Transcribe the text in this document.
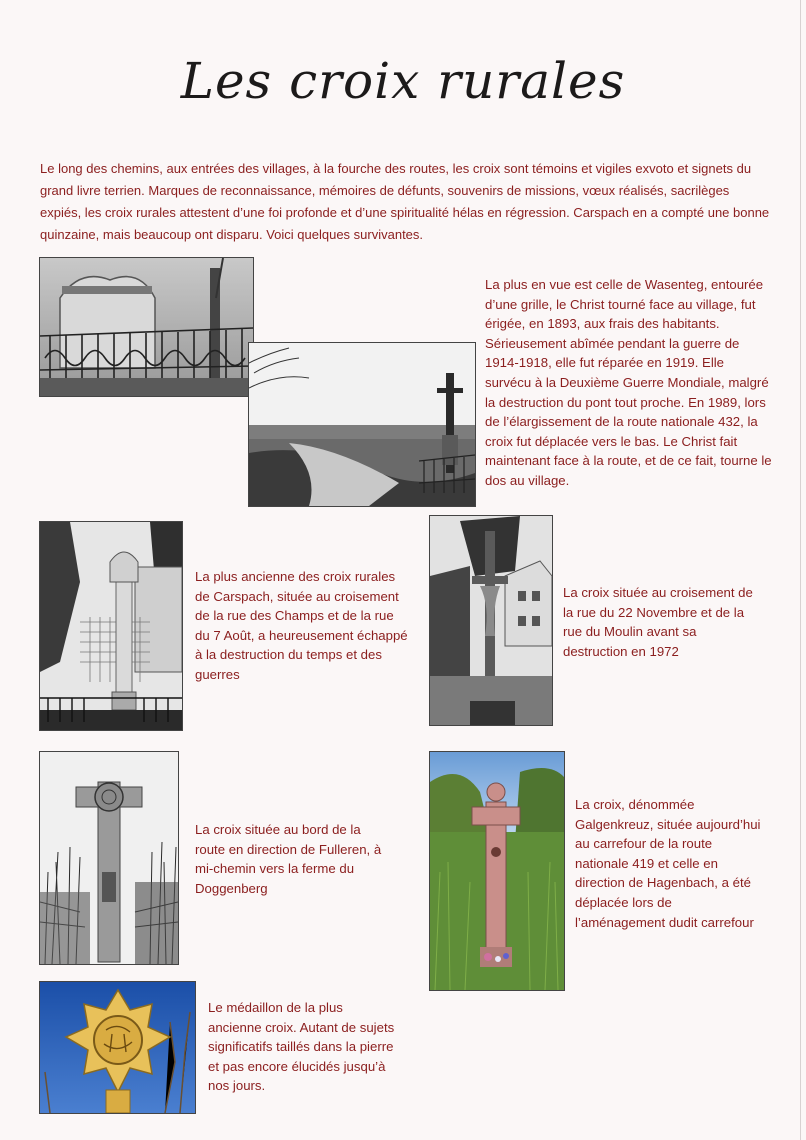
Les croix rurales
Le long des chemins, aux entrées des villages, à la fourche des routes, les croix sont témoins et vigiles exvoto et signets du grand livre terrien. Marques de reconnaissance, mémoires de défunts, souvenirs de missions, vœux réalisés, sacrilèges expiés, les croix rurales attestent d’une foi profonde et d’une spiritualité hélas en régression. Carspach en a compté une bonne quinzaine, mais beaucoup ont disparu. Voici quelques survivantes.
La plus en vue est celle de Wasenteg, entourée d’une grille, le Christ tourné face au village, fut érigée, en 1893, aux frais des habitants. Sérieusement abîmée pendant la guerre de 1914-1918, elle fut réparée en 1919. Elle survécu à la Deuxième Guerre Mondiale, malgré la destruction du pont tout proche. En 1989, lors de l’élargissement de la route nationale 432, la croix fut déplacée vers le bas. Le Christ fait maintenant face à la route, et de ce fait, tourne le dos au village.
La plus ancienne des croix rurales de Carspach, située au croisement de la rue des Champs et de la rue du 7 Août, a heureusement échappé à la destruction du temps et des guerres
La croix située au croisement de la rue du 22 Novembre et de la rue du Moulin avant sa destruction en 1972
La croix située au bord de la route en direction de Fulleren, à mi-chemin vers la ferme du Doggenberg
La croix, dénommée Galgenkreuz, située aujourd’hui au carrefour de la route nationale 419 et celle en direction de Hagenbach, a été déplacée lors de l’aménagement dudit carrefour
Le médaillon de la plus ancienne croix. Autant de sujets significatifs taillés dans la pierre et pas encore élucidés jusqu’à nos jours.
